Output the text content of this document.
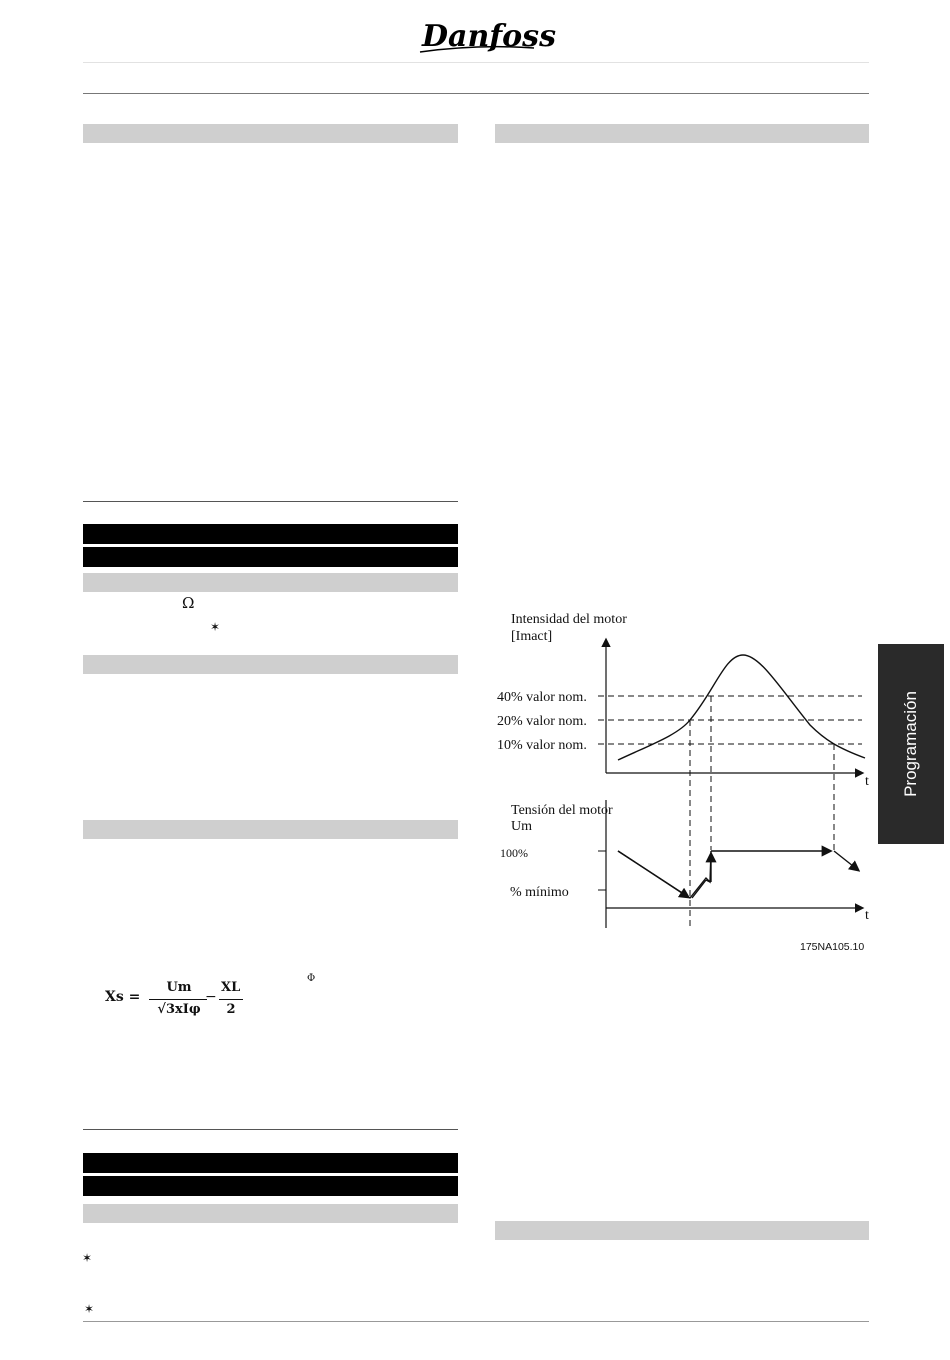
Danfoss
Ω
✶
Φ
Xs =
Um
√3xIφ
−
XL
2
✶
✶
Programación
Intensidad del motor
[Imact]
t
40% valor nom.
20% valor nom.
10% valor nom.
Tensión del motor
Um
t
100%
% mínimo
175NA105.10
